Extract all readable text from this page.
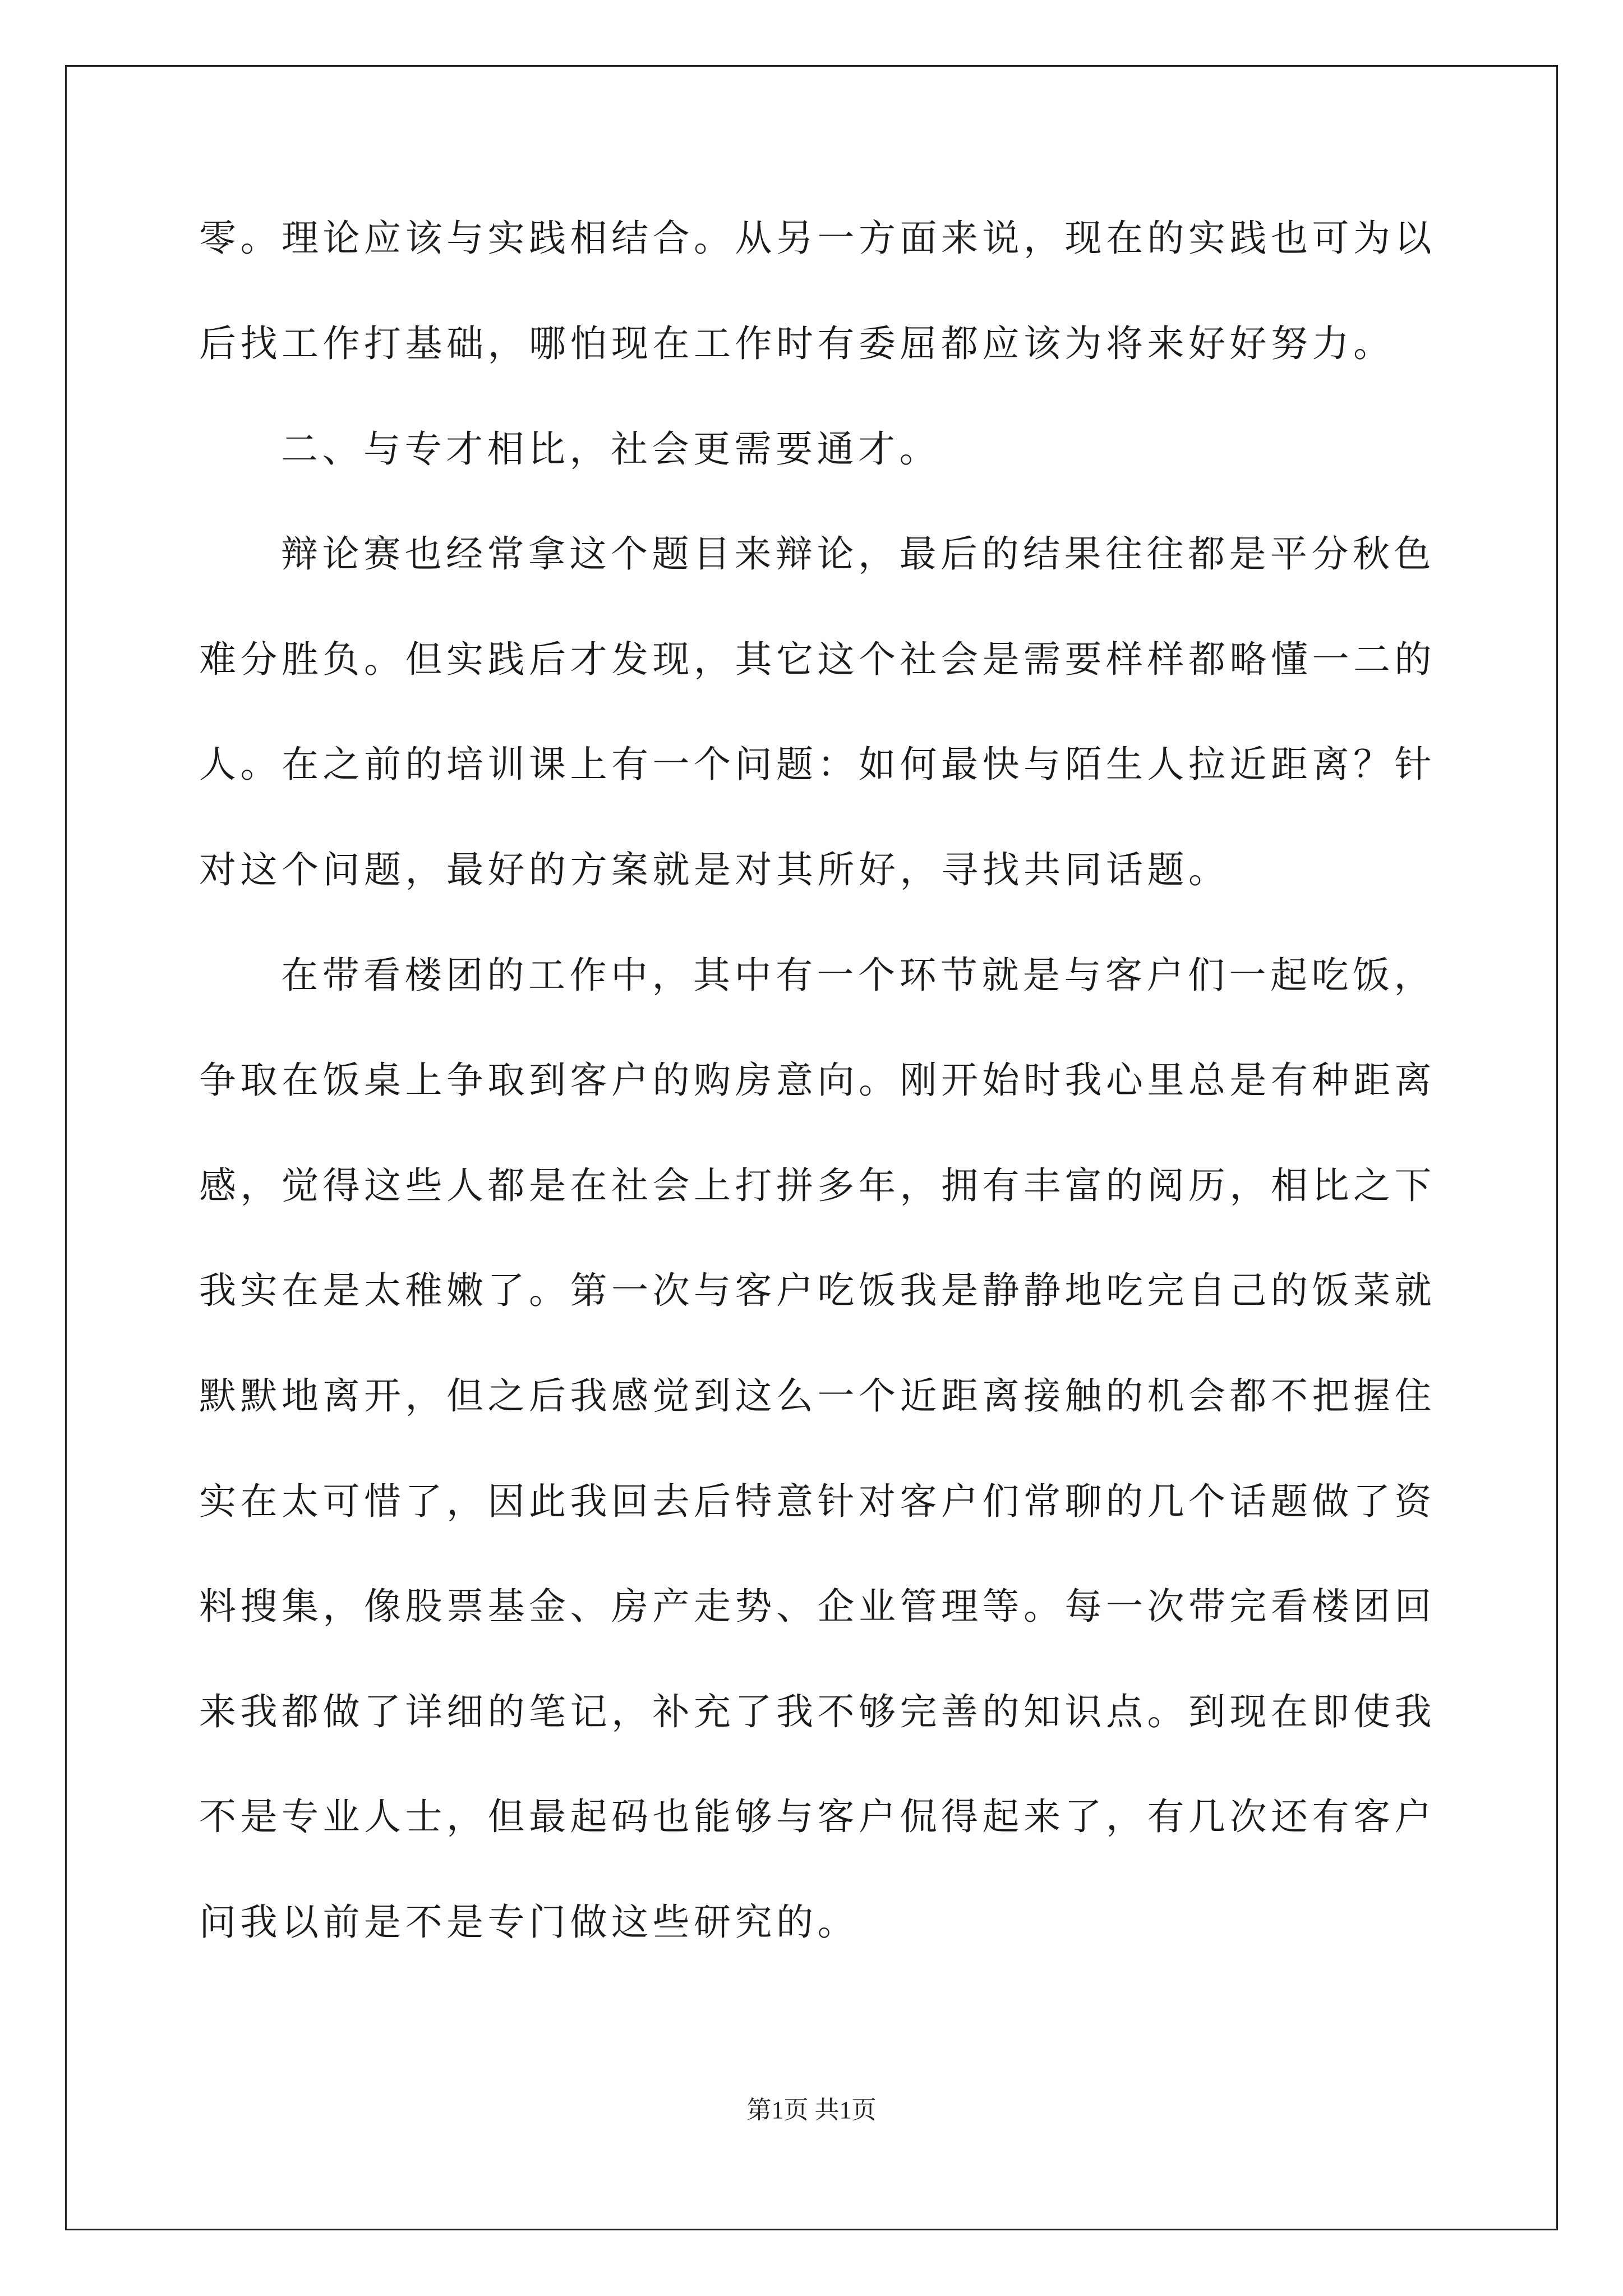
零。理论应该与实践相结合。从另一方面来说，现在的实践也可为以
后找工作打基础，哪怕现在工作时有委屈都应该为将来好好努力。
二、与专才相比，社会更需要通才。
辩论赛也经常拿这个题目来辩论，最后的结果往往都是平分秋色
难分胜负。但实践后才发现，其它这个社会是需要样样都略懂一二的
人。在之前的培训课上有一个问题：如何最快与陌生人拉近距离？针
对这个问题，最好的方案就是对其所好，寻找共同话题。
在带看楼团的工作中，其中有一个环节就是与客户们一起吃饭，
争取在饭桌上争取到客户的购房意向。刚开始时我心里总是有种距离
感，觉得这些人都是在社会上打拼多年，拥有丰富的阅历，相比之下
我实在是太稚嫩了。第一次与客户吃饭我是静静地吃完自己的饭菜就
默默地离开，但之后我感觉到这么一个近距离接触的机会都不把握住
实在太可惜了，因此我回去后特意针对客户们常聊的几个话题做了资
料搜集，像股票基金、房产走势、企业管理等。每一次带完看楼团回
来我都做了详细的笔记，补充了我不够完善的知识点。到现在即使我
不是专业人士，但最起码也能够与客户侃得起来了，有几次还有客户
问我以前是不是专门做这些研究的。
第1页 共1页
